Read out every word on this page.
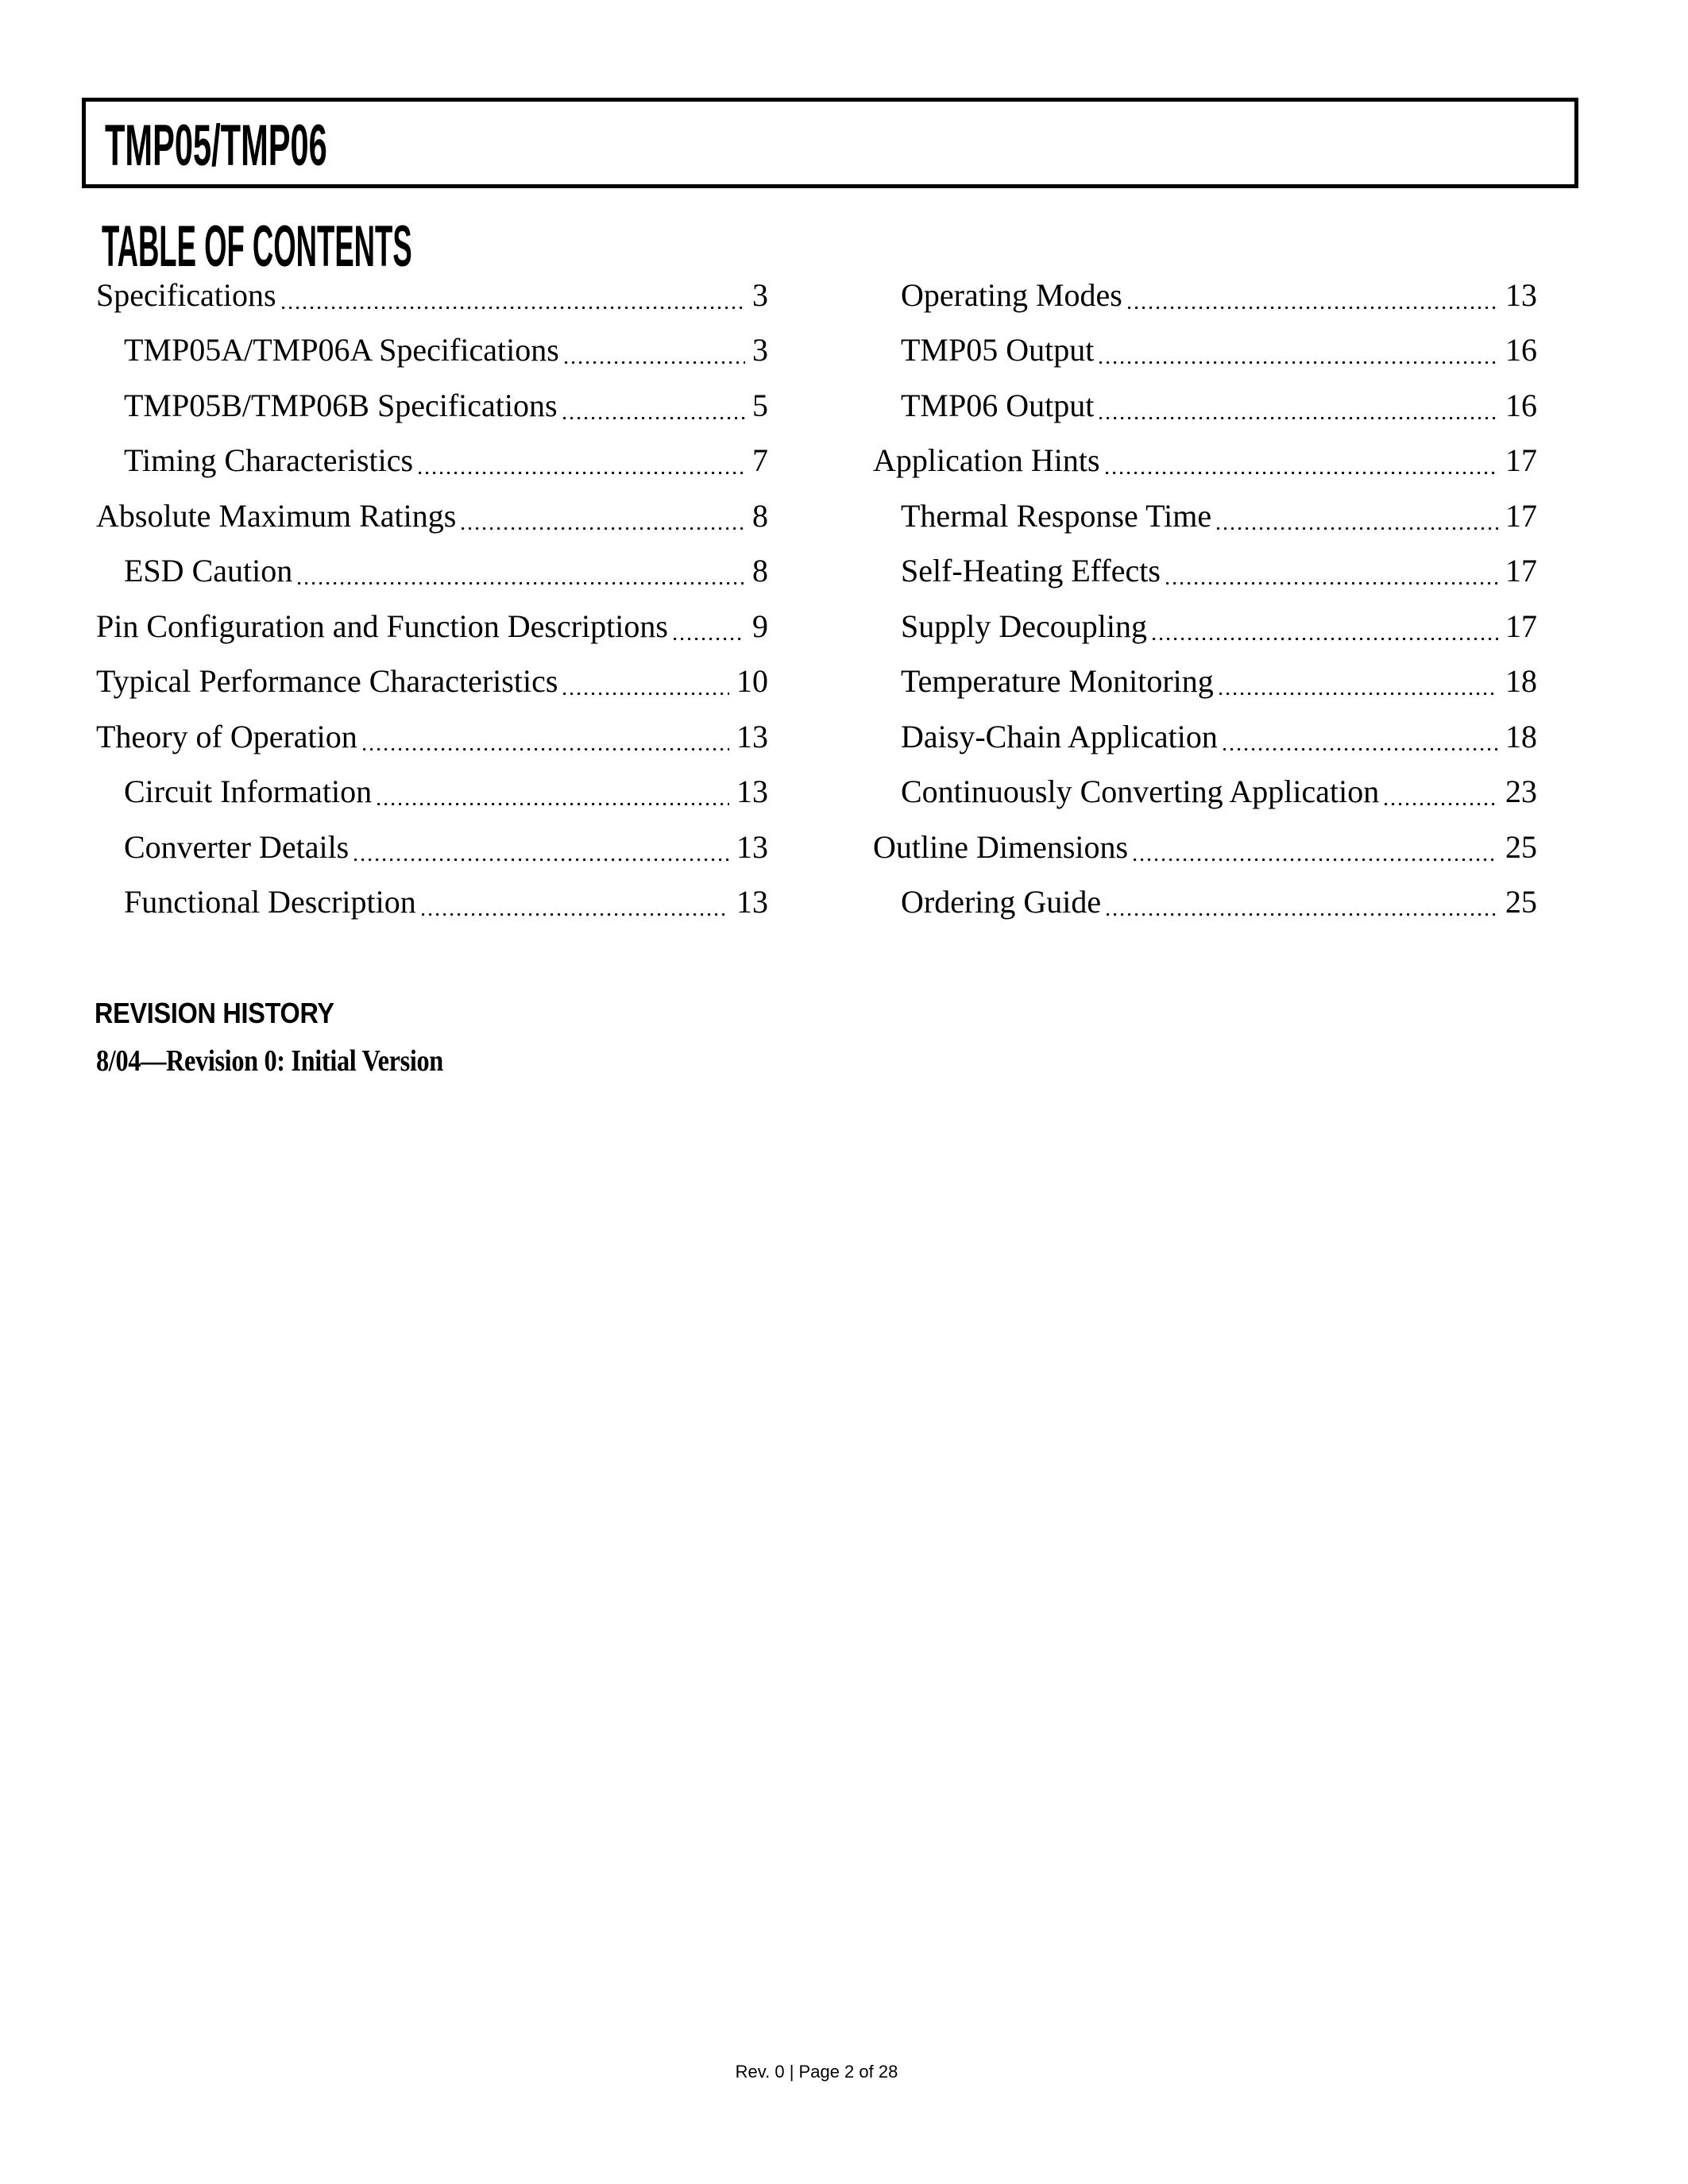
TMP05/TMP06
TABLE OF CONTENTS
Specifications	3
TMP05A/TMP06A Specifications	3
TMP05B/TMP06B Specifications	5
Timing Characteristics	7
Absolute Maximum Ratings	8
ESD Caution	8
Pin Configuration and Function Descriptions	9
Typical Performance Characteristics	10
Theory of Operation	13
Circuit Information	13
Converter Details	13
Functional Description	13
Operating Modes	13
TMP05 Output	16
TMP06 Output	16
Application Hints	17
Thermal Response Time	17
Self-Heating Effects	17
Supply Decoupling	17
Temperature Monitoring	18
Daisy-Chain Application	18
Continuously Converting Application	23
Outline Dimensions	25
Ordering Guide	25
REVISION HISTORY
8/04—Revision 0: Initial Version
Rev. 0 | Page 2 of 28
